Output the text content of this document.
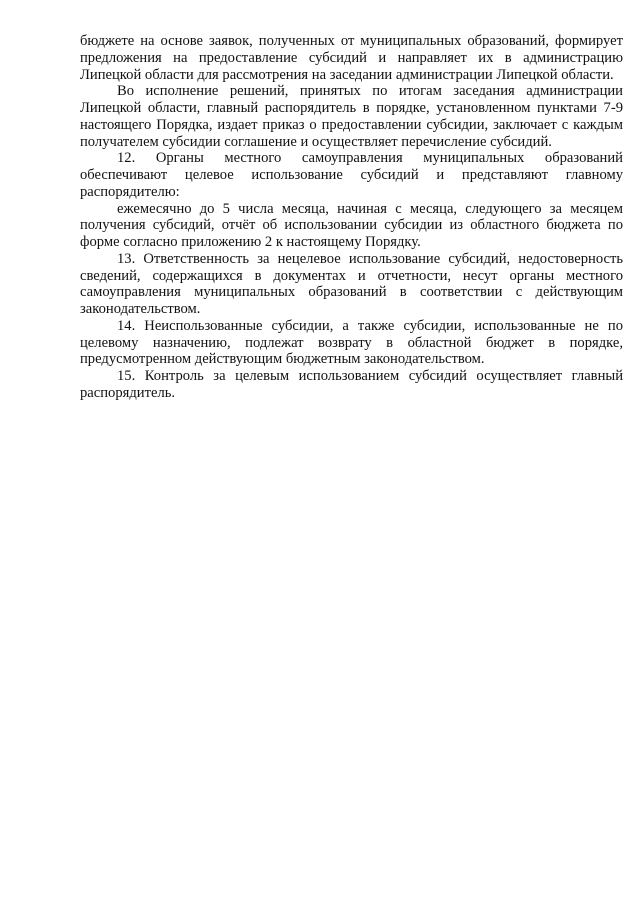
бюджете на основе заявок, полученных от муниципальных образований, формирует предложения на предоставление субсидий и направляет их в администрацию Липецкой области для рассмотрения на заседании администрации Липецкой области.

Во исполнение решений, принятых по итогам заседания администрации Липецкой области, главный распорядитель в порядке, установленном пунктами 7-9 настоящего Порядка, издает приказ о предоставлении субсидии, заключает с каждым получателем субсидии соглашение и осуществляет перечисление субсидий.

12. Органы местного самоуправления муниципальных образований обеспечивают целевое использование субсидий и представляют главному распорядителю:

ежемесячно до 5 числа месяца, начиная с месяца, следующего за месяцем получения субсидий, отчёт об использовании субсидии из областного бюджета по форме согласно приложению 2 к настоящему Порядку.

13. Ответственность за нецелевое использование субсидий, недостоверность сведений, содержащихся в документах и отчетности, несут органы местного самоуправления муниципальных образований в соответствии с действующим законодательством.

14. Неиспользованные субсидии, а также субсидии, использованные не по целевому назначению, подлежат возврату в областной бюджет в порядке, предусмотренном действующим бюджетным законодательством.

15. Контроль за целевым использованием субсидий осуществляет главный распорядитель.
